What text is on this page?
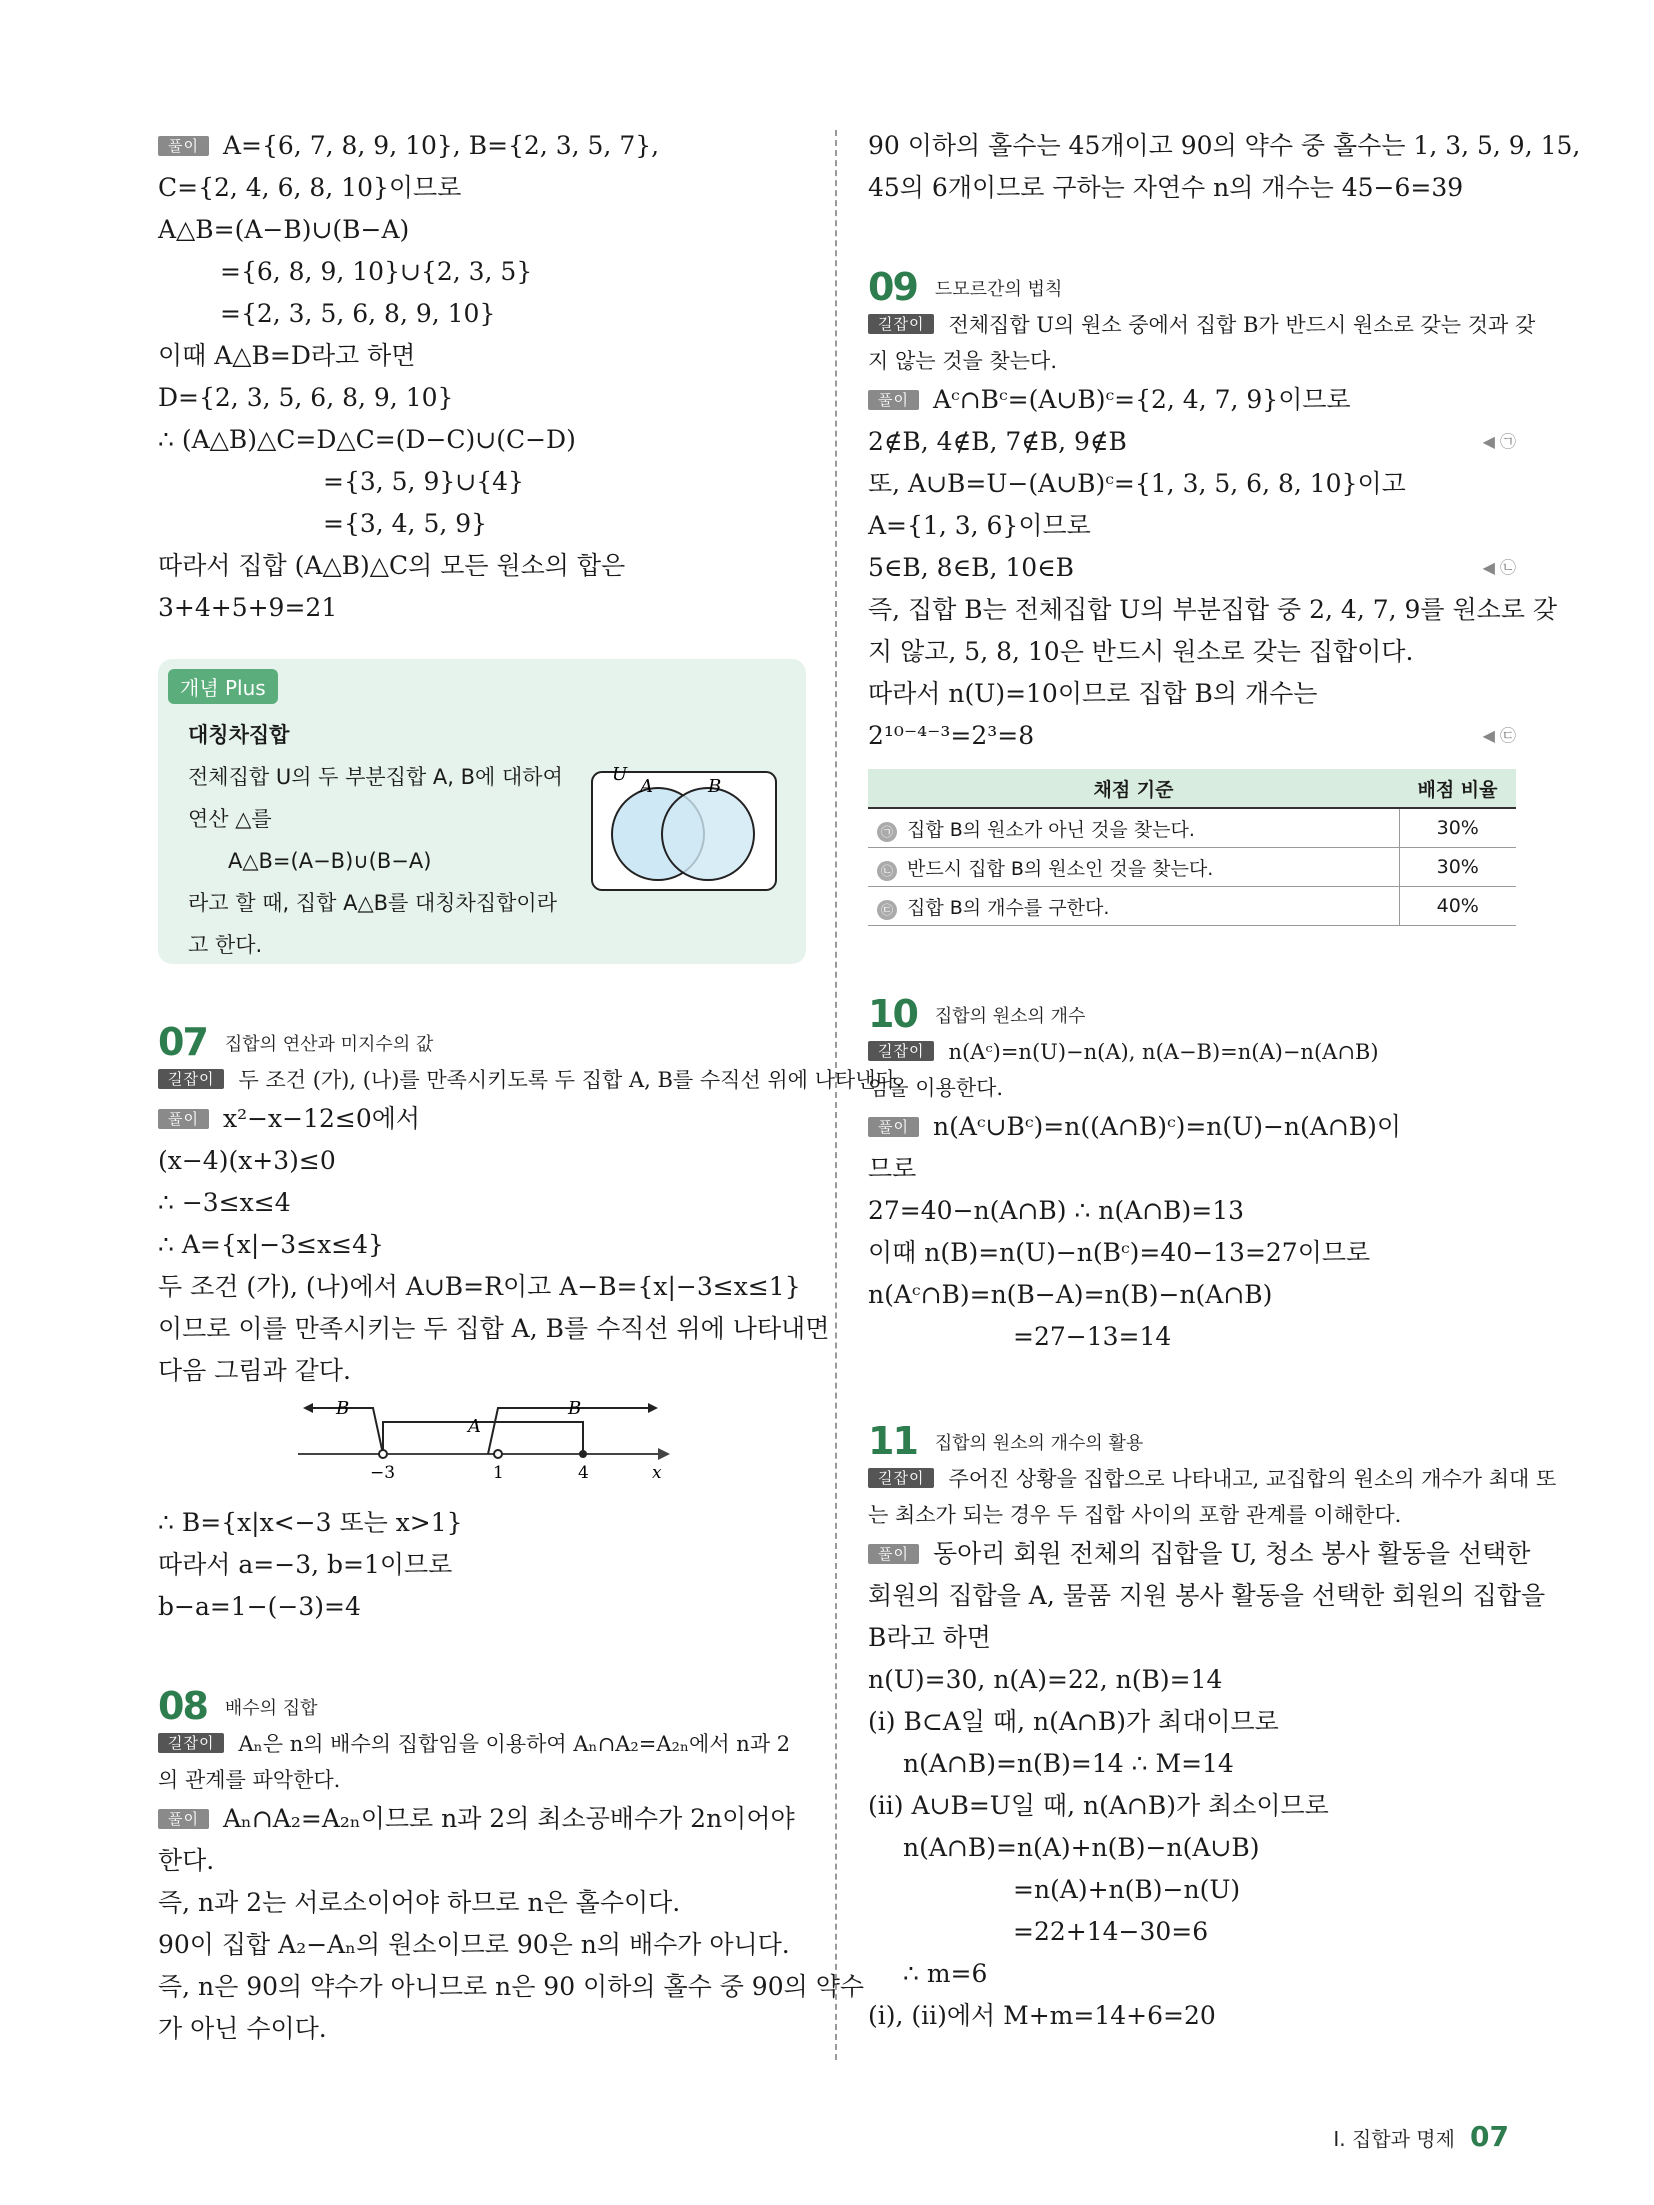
풀이 A={6, 7, 8, 9, 10}, B={2, 3, 5, 7},
C={2, 4, 6, 8, 10}이므로
A△B=(A−B)∪(B−A)
={6, 8, 9, 10}∪{2, 3, 5}
={2, 3, 5, 6, 8, 9, 10}
이때 A△B=D라고 하면
D={2, 3, 5, 6, 8, 9, 10}
∴ (A△B)△C=D△C=(D−C)∪(C−D)
={3, 5, 9}∪{4}
={3, 4, 5, 9}
따라서 집합 (A△B)△C의 모든 원소의 합은
3+4+5+9=21
개념 Plus
대칭차집합
전체집합 U의 두 부분집합 A, B에 대하여
연산 △를
A△B=(A−B)∪(B−A)
라고 할 때, 집합 A△B를 대칭차집합이라
고 한다.
U
A	B
07 집합의 연산과 미지수의 값
길잡이 두 조건 (가), (나)를 만족시키도록 두 집합 A, B를 수직선 위에 나타낸다.
풀이 x²−x−12≤0에서
(x−4)(x+3)≤0
∴ −3≤x≤4
∴ A={x|−3≤x≤4}
두 조건 (가), (나)에서 A∪B=R이고 A−B={x|−3≤x≤1}
이므로 이를 만족시키는 두 집합 A, B를 수직선 위에 나타내면
다음 그림과 같다.
B	B
A
−3	1	4	x
∴ B={x|x<−3 또는 x>1}
따라서 a=−3, b=1이므로
b−a=1−(−3)=4
08 배수의 집합
길잡이 Aₙ은 n의 배수의 집합임을 이용하여 Aₙ∩A₂=A₂ₙ에서 n과 2
의 관계를 파악한다.
풀이 Aₙ∩A₂=A₂ₙ이므로 n과 2의 최소공배수가 2n이어야
한다.
즉, n과 2는 서로소이어야 하므로 n은 홀수이다.
90이 집합 A₂−Aₙ의 원소이므로 90은 n의 배수가 아니다.
즉, n은 90의 약수가 아니므로 n은 90 이하의 홀수 중 90의 약수
가 아닌 수이다.
90 이하의 홀수는 45개이고 90의 약수 중 홀수는 1, 3, 5, 9, 15,
45의 6개이므로 구하는 자연수 n의 개수는 45−6=39
09 드모르간의 법칙
길잡이 전체집합 U의 원소 중에서 집합 B가 반드시 원소로 갖는 것과 갖
지 않는 것을 찾는다.
풀이 Aᶜ∩Bᶜ=(A∪B)ᶜ={2, 4, 7, 9}이므로
2∉B, 4∉B, 7∉B, 9∉B	◀ ㉠
또, A∪B=U−(A∪B)ᶜ={1, 3, 5, 6, 8, 10}이고
A={1, 3, 6}이므로
5∈B, 8∈B, 10∈B	◀ ㉡
즉, 집합 B는 전체집합 U의 부분집합 중 2, 4, 7, 9를 원소로 갖
지 않고, 5, 8, 10은 반드시 원소로 갖는 집합이다.
따라서 n(U)=10이므로 집합 B의 개수는
2¹⁰⁻⁴⁻³=2³=8	◀ ㉢
채점 기준	배점 비율
㉠ 집합 B의 원소가 아닌 것을 찾는다.	30%
㉡ 반드시 집합 B의 원소인 것을 찾는다.	30%
㉢ 집합 B의 개수를 구한다.	40%
10 집합의 원소의 개수
길잡이 n(Aᶜ)=n(U)−n(A), n(A−B)=n(A)−n(A∩B)
임을 이용한다.
풀이 n(Aᶜ∪Bᶜ)=n((A∩B)ᶜ)=n(U)−n(A∩B)이
므로
27=40−n(A∩B) ∴ n(A∩B)=13
이때 n(B)=n(U)−n(Bᶜ)=40−13=27이므로
n(Aᶜ∩B)=n(B−A)=n(B)−n(A∩B)
=27−13=14
11 집합의 원소의 개수의 활용
길잡이 주어진 상황을 집합으로 나타내고, 교집합의 원소의 개수가 최대 또
는 최소가 되는 경우 두 집합 사이의 포함 관계를 이해한다.
풀이 동아리 회원 전체의 집합을 U, 청소 봉사 활동을 선택한
회원의 집합을 A, 물품 지원 봉사 활동을 선택한 회원의 집합을
B라고 하면
n(U)=30, n(A)=22, n(B)=14
(i) B⊂A일 때, n(A∩B)가 최대이므로
n(A∩B)=n(B)=14 ∴ M=14
(ii) A∪B=U일 때, n(A∩B)가 최소이므로
n(A∩B)=n(A)+n(B)−n(A∪B)
=n(A)+n(B)−n(U)
=22+14−30=6
∴ m=6
(i), (ii)에서 M+m=14+6=20
I. 집합과 명제 07
